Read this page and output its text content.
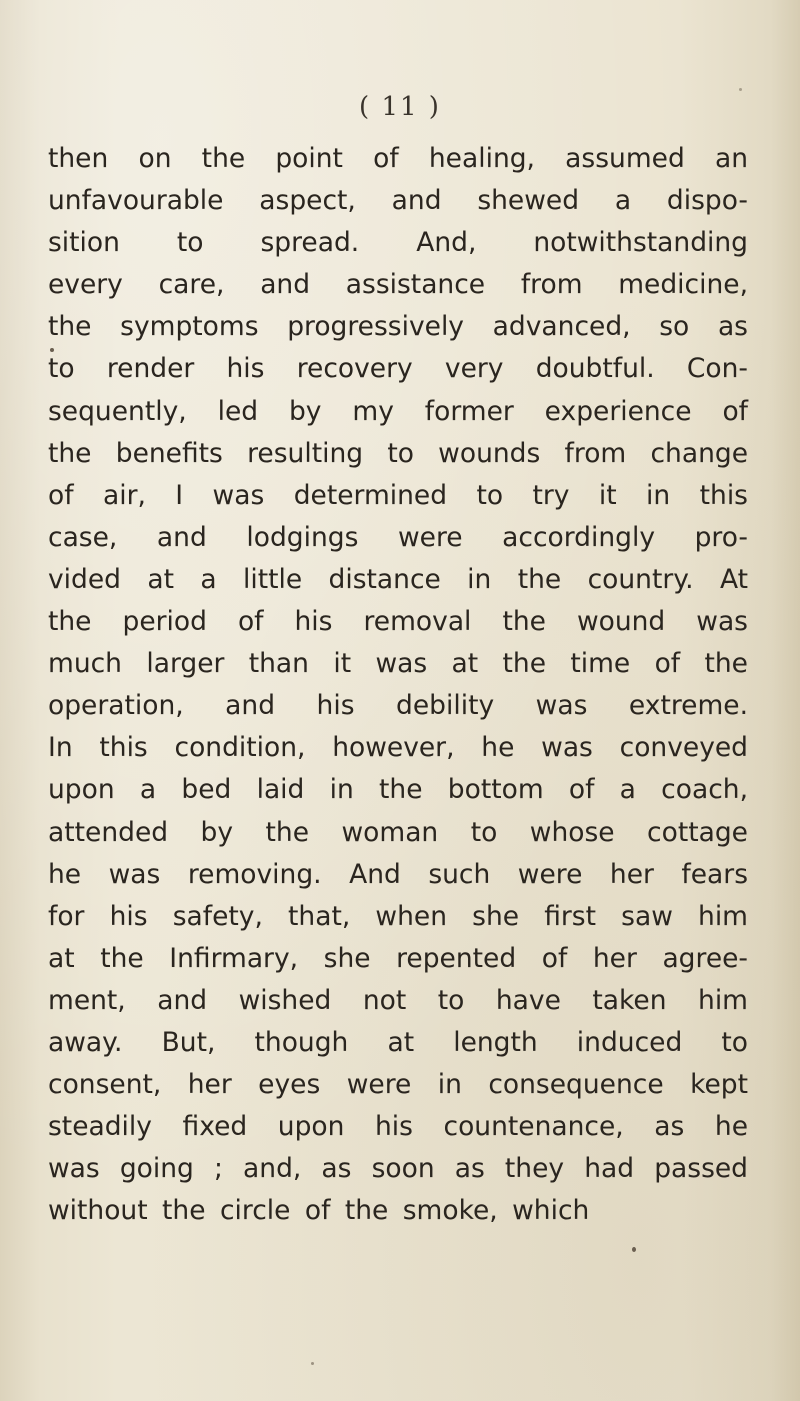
( 11 )
then on the point of healing, assumed an
unfavourable aspect, and shewed a dispo-
sition to spread. And, notwithstanding
every care, and assistance from medicine,
the symptoms progressively advanced, so as
to render his recovery very doubtful. Con-
sequently, led by my former experience of
the benefits resulting to wounds from change
of air, I was determined to try it in this
case, and lodgings were accordingly pro-
vided at a little distance in the country. At
the period of his removal the wound was
much larger than it was at the time of the
operation, and his debility was extreme.
In this condition, however, he was conveyed
upon a bed laid in the bottom of a coach,
attended by the woman to whose cottage
he was removing. And such were her fears
for his safety, that, when she first saw him
at the Infirmary, she repented of her agree-
ment, and wished not to have taken him
away. But, though at length induced to
consent, her eyes were in consequence kept
steadily fixed upon his countenance, as he
was going ; and, as soon as they had passed
without the circle of the smoke, which
